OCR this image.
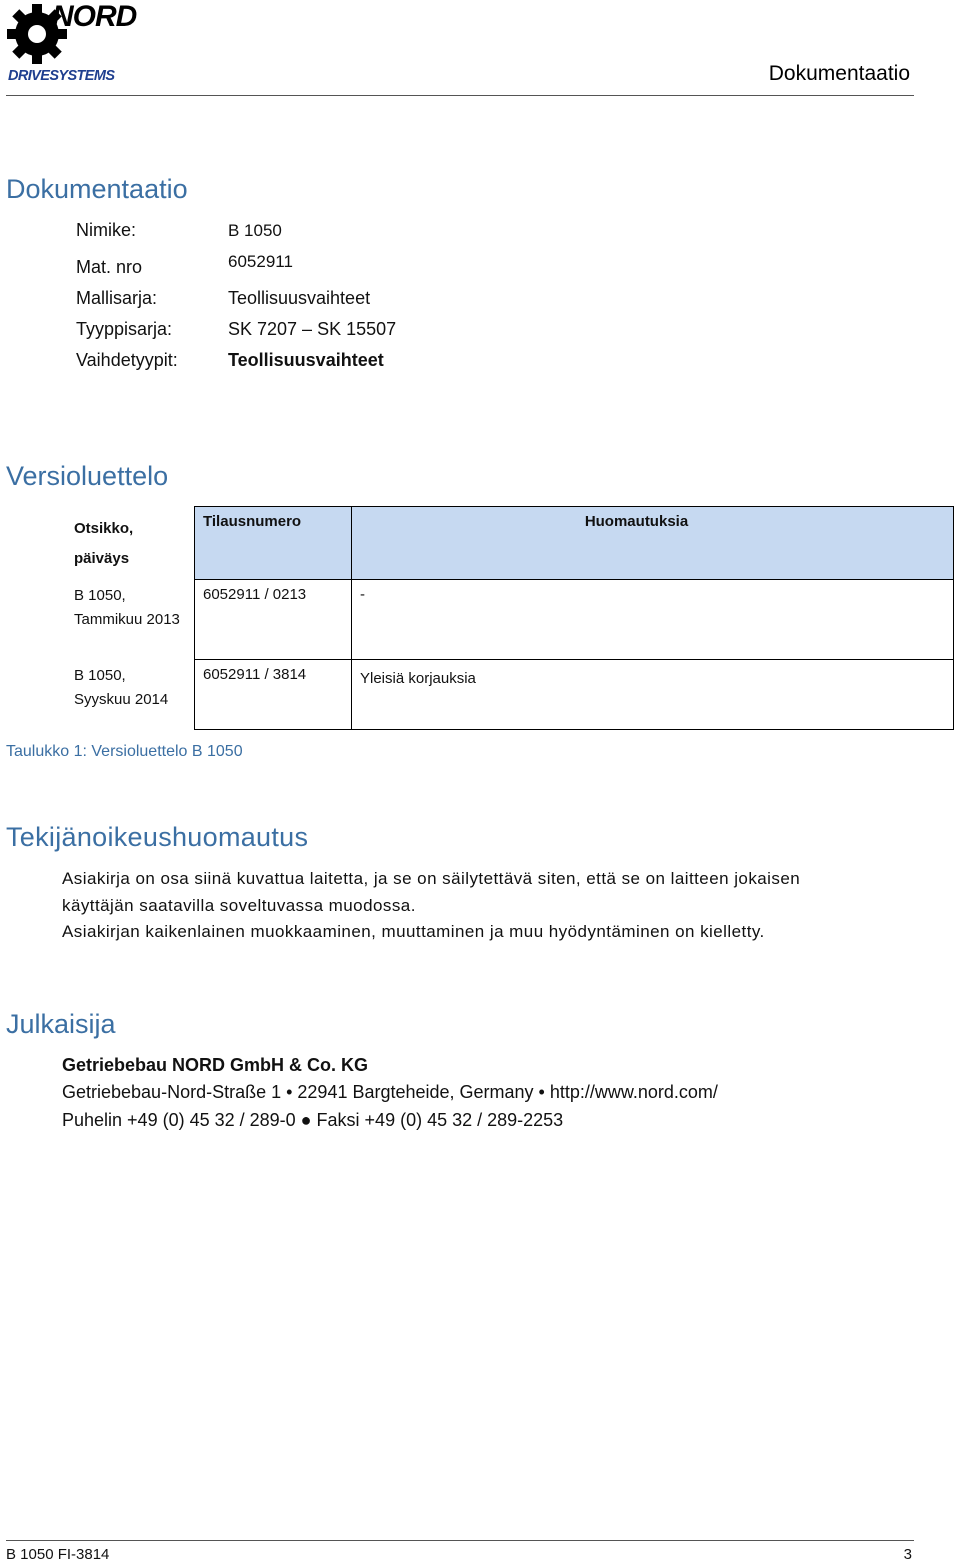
NORD
DRIVESYSTEMS	Dokumentaatio
Dokumentaatio
Nimike:	B 1050
Mat. nro	6052911
Mallisarja:	Teollisuusvaihteet
Tyyppisarja:	SK 7207 – SK 15507
Vaihdetyypit:	Teollisuusvaihteet
Versioluettelo
Otsikko, päiväys	Tilausnumero	Huomautuksia
B 1050, Tammikuu 2013	6052911 / 0213	-
B 1050, Syyskuu 2014	6052911 / 3814	Yleisiä korjauksia
Taulukko 1: Versioluettelo B 1050
Tekijänoikeushuomautus
Asiakirja on osa siinä kuvattua laitetta, ja se on säilytettävä siten, että se on laitteen jokaisen
käyttäjän saatavilla soveltuvassa muodossa.
Asiakirjan kaikenlainen muokkaaminen, muuttaminen ja muu hyödyntäminen on kielletty.
Julkaisija
Getriebebau NORD GmbH & Co. KG
Getriebebau-Nord-Straße 1 • 22941 Bargteheide, Germany • http://www.nord.com/
Puhelin +49 (0) 45 32 / 289-0 ● Faksi +49 (0) 45 32 / 289-2253
B 1050 FI-3814	3
